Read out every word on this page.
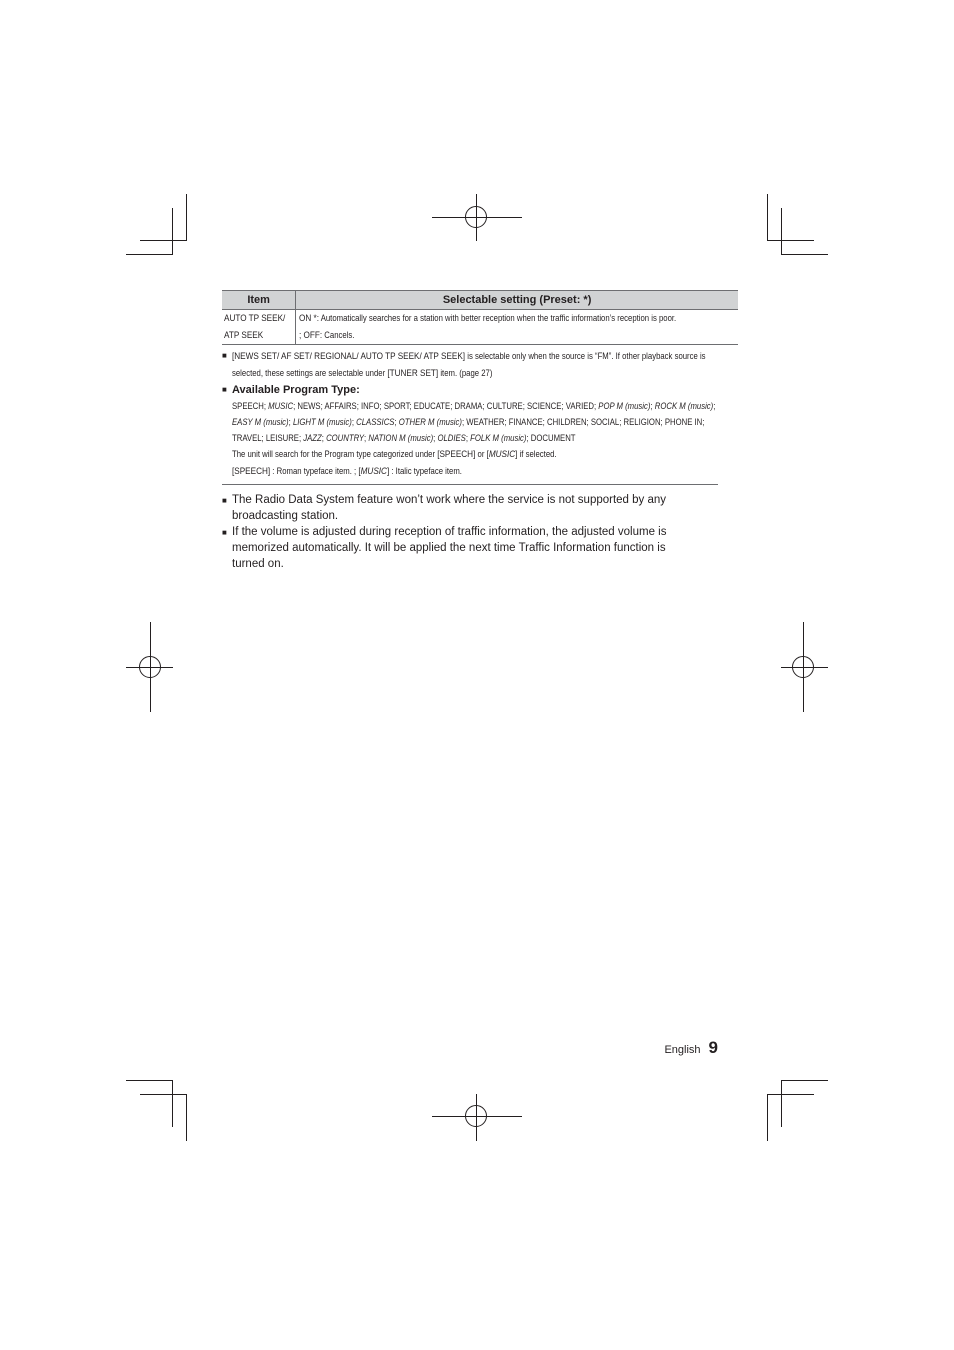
Item	Selectable setting (Preset: *)
AUTO TP SEEK/
ATP SEEK	ON *: Automatically searches for a station with better reception when the traffic information’s reception is poor.
; OFF: Cancels.
■ [NEWS SET/ AF SET/ REGIONAL/ AUTO TP SEEK/ ATP SEEK] is selectable only when the source is “FM”. If other playback source is
selected, these settings are selectable under [TUNER SET] item. (page 27)
■ Available Program Type:
SPEECH; MUSIC; NEWS; AFFAIRS; INFO; SPORT; EDUCATE; DRAMA; CULTURE; SCIENCE; VARIED; POP M (music); ROCK M (music);
EASY M (music); LIGHT M (music); CLASSICS; OTHER M (music); WEATHER; FINANCE; CHILDREN; SOCIAL; RELIGION; PHONE IN;
TRAVEL; LEISURE; JAZZ; COUNTRY; NATION M (music); OLDIES; FOLK M (music); DOCUMENT
The unit will search for the Program type categorized under [SPEECH] or [MUSIC] if selected.
[SPEECH] : Roman typeface item. ; [MUSIC] : Italic typeface item.
■ The Radio Data System feature won’t work where the service is not supported by any
broadcasting station.
■ If the volume is adjusted during reception of traffic information, the adjusted volume is
memorized automatically. It will be applied the next time Traffic Information function is
turned on.
English 9
